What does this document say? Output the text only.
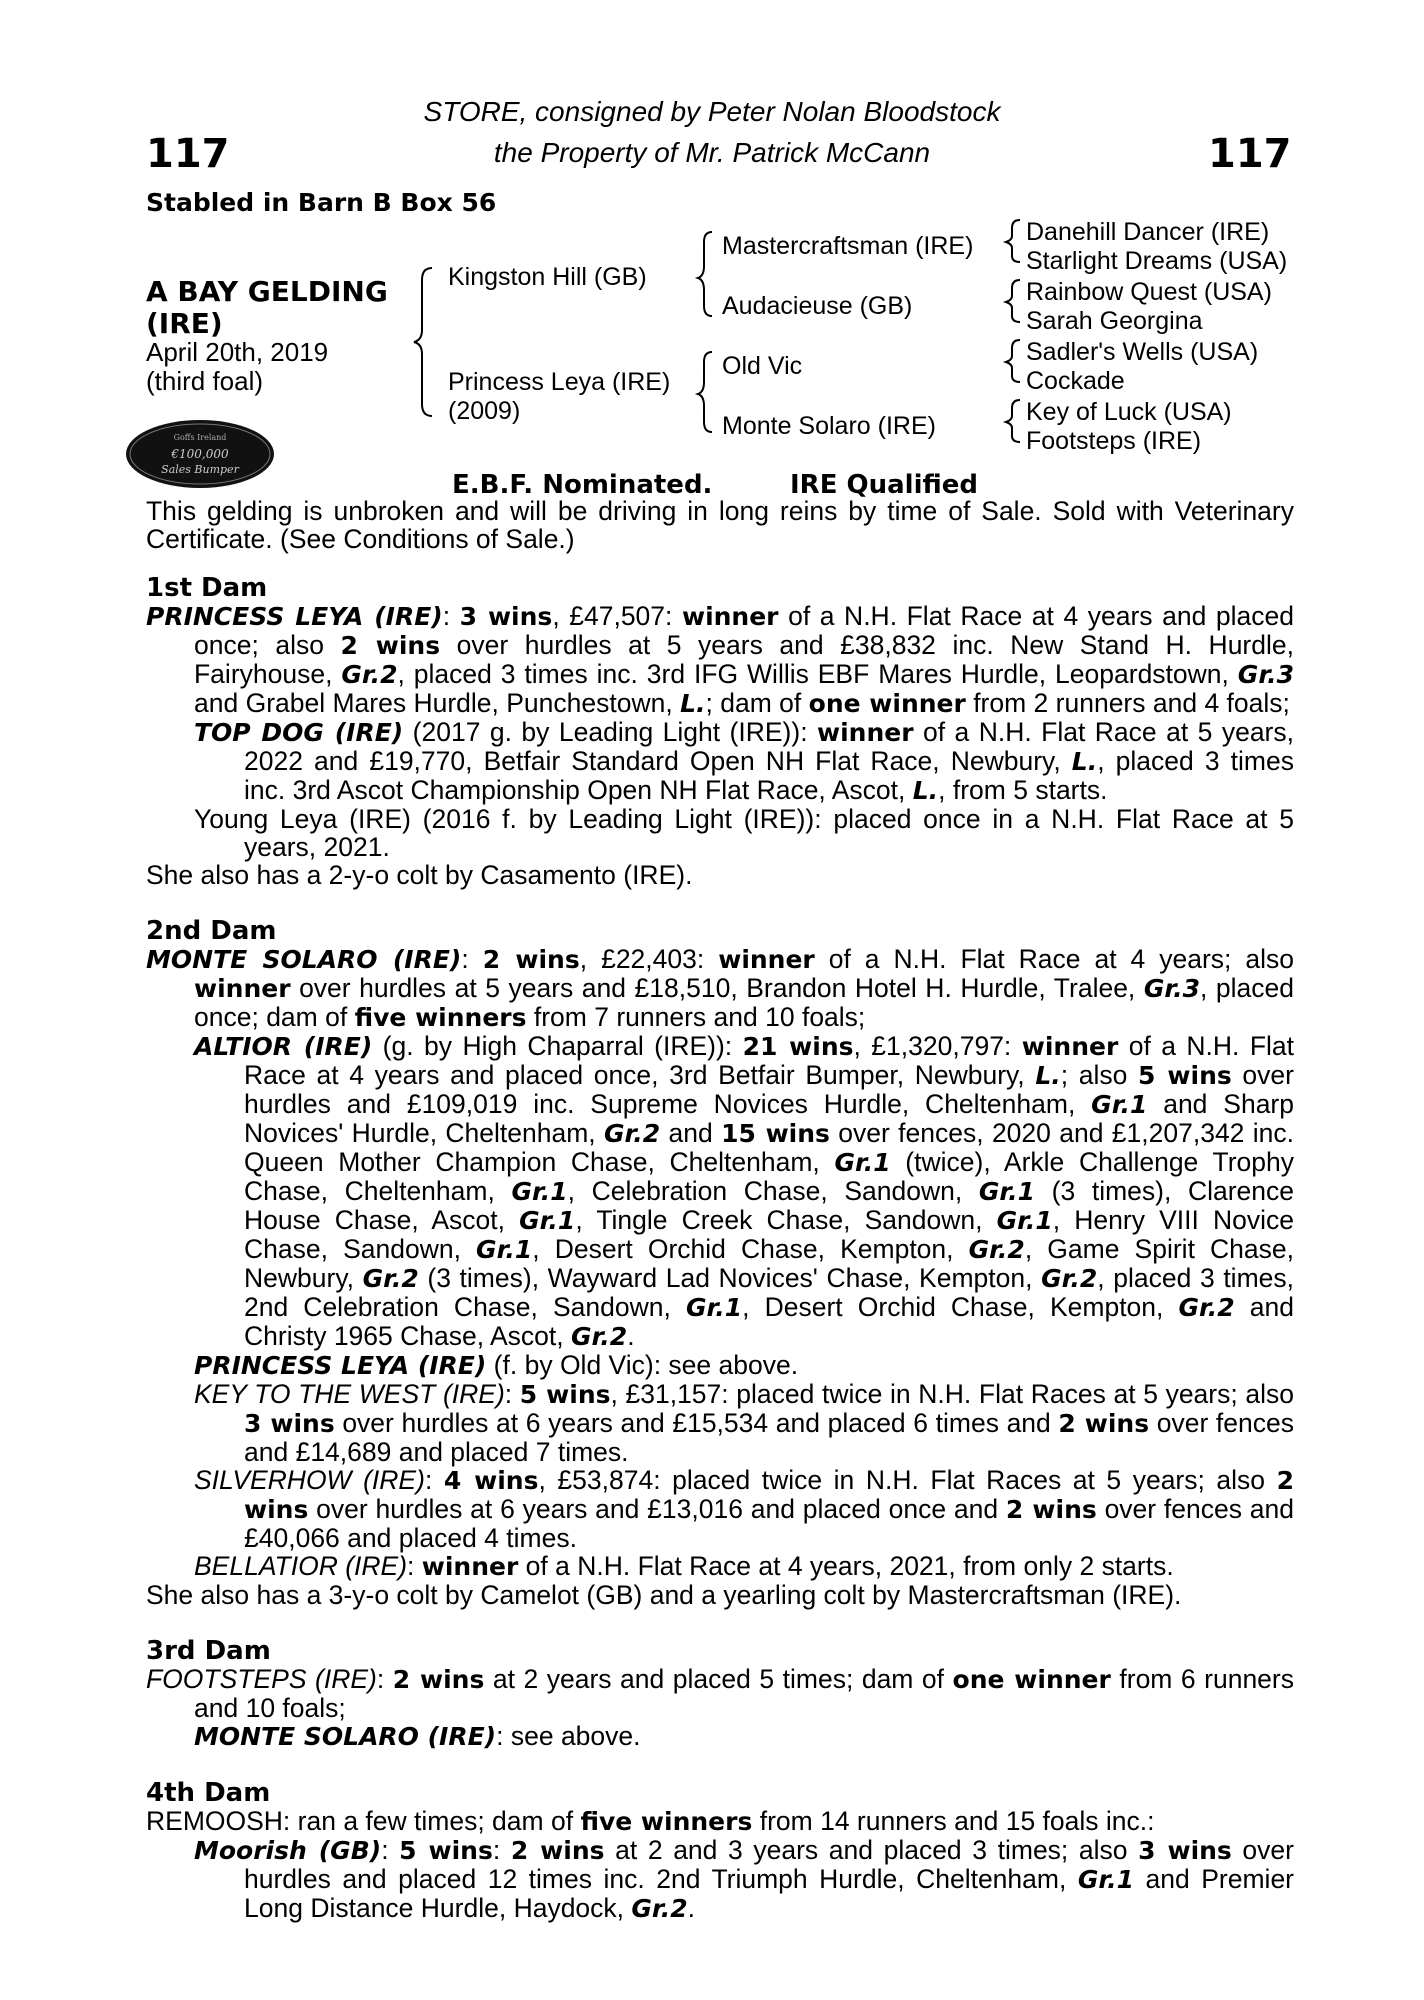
STORE, consigned by Peter Nolan Bloodstock
the Property of Mr. Patrick McCann
117	117
Stabled in Barn B Box 56
A BAY GELDING
(IRE)
April 20th, 2019
(third foal)
Goffs Ireland
€100,000
Sales Bumper
Kingston Hill (GB)
Princess Leya (IRE)
(2009)
Mastercraftsman (IRE)
Audacieuse (GB)
Old Vic
Monte Solaro (IRE)
Danehill Dancer (IRE)
Starlight Dreams (USA)
Rainbow Quest (USA)
Sarah Georgina
Sadler's Wells (USA)
Cockade
Key of Luck (USA)
Footsteps (IRE)
E.B.F. Nominated.	IRE Qualified

This gelding is unbroken and will be driving in long reins by time of Sale. Sold with Veterinary Certificate. (See Conditions of Sale.)

1st Dam

PRINCESS LEYA (IRE): 3 wins, £47,507: winner of a N.H. Flat Race at 4 years and placed once; also 2 wins over hurdles at 5 years and £38,832 inc. New Stand H. Hurdle, Fairyhouse, Gr.2, placed 3 times inc. 3rd IFG Willis EBF Mares Hurdle, Leopardstown, Gr.3 and Grabel Mares Hurdle, Punchestown, L.; dam of one winner from 2 runners and 4 foals;

TOP DOG (IRE) (2017 g. by Leading Light (IRE)): winner of a N.H. Flat Race at 5 years, 2022 and £19,770, Betfair Standard Open NH Flat Race, Newbury, L., placed 3 times inc. 3rd Ascot Championship Open NH Flat Race, Ascot, L., from 5 starts.

Young Leya (IRE) (2016 f. by Leading Light (IRE)): placed once in a N.H. Flat Race at 5 years, 2021.

She also has a 2-y-o colt by Casamento (IRE).

2nd Dam

MONTE SOLARO (IRE): 2 wins, £22,403: winner of a N.H. Flat Race at 4 years; also winner over hurdles at 5 years and £18,510, Brandon Hotel H. Hurdle, Tralee, Gr.3, placed once; dam of five winners from 7 runners and 10 foals;

ALTIOR (IRE) (g. by High Chaparral (IRE)): 21 wins, £1,320,797: winner of a N.H. Flat Race at 4 years and placed once, 3rd Betfair Bumper, Newbury, L.; also 5 wins over hurdles and £109,019 inc. Supreme Novices Hurdle, Cheltenham, Gr.1 and Sharp Novices' Hurdle, Cheltenham, Gr.2 and 15 wins over fences, 2020 and £1,207,342 inc. Queen Mother Champion Chase, Cheltenham, Gr.1 (twice), Arkle Challenge Trophy Chase, Cheltenham, Gr.1, Celebration Chase, Sandown, Gr.1 (3 times), Clarence House Chase, Ascot, Gr.1, Tingle Creek Chase, Sandown, Gr.1, Henry VIII Novice Chase, Sandown, Gr.1, Desert Orchid Chase, Kempton, Gr.2, Game Spirit Chase, Newbury, Gr.2 (3 times), Wayward Lad Novices' Chase, Kempton, Gr.2, placed 3 times, 2nd Celebration Chase, Sandown, Gr.1, Desert Orchid Chase, Kempton, Gr.2 and Christy 1965 Chase, Ascot, Gr.2.

PRINCESS LEYA (IRE) (f. by Old Vic): see above.

KEY TO THE WEST (IRE): 5 wins, £31,157: placed twice in N.H. Flat Races at 5 years; also 3 wins over hurdles at 6 years and £15,534 and placed 6 times and 2 wins over fences and £14,689 and placed 7 times.

SILVERHOW (IRE): 4 wins, £53,874: placed twice in N.H. Flat Races at 5 years; also 2 wins over hurdles at 6 years and £13,016 and placed once and 2 wins over fences and £40,066 and placed 4 times.

BELLATIOR (IRE): winner of a N.H. Flat Race at 4 years, 2021, from only 2 starts.

She also has a 3-y-o colt by Camelot (GB) and a yearling colt by Mastercraftsman (IRE).

3rd Dam

FOOTSTEPS (IRE): 2 wins at 2 years and placed 5 times; dam of one winner from 6 runners and 10 foals;

MONTE SOLARO (IRE): see above.

4th Dam

REMOOSH: ran a few times; dam of five winners from 14 runners and 15 foals inc.:

Moorish (GB): 5 wins: 2 wins at 2 and 3 years and placed 3 times; also 3 wins over hurdles and placed 12 times inc. 2nd Triumph Hurdle, Cheltenham, Gr.1 and Premier Long Distance Hurdle, Haydock, Gr.2.
